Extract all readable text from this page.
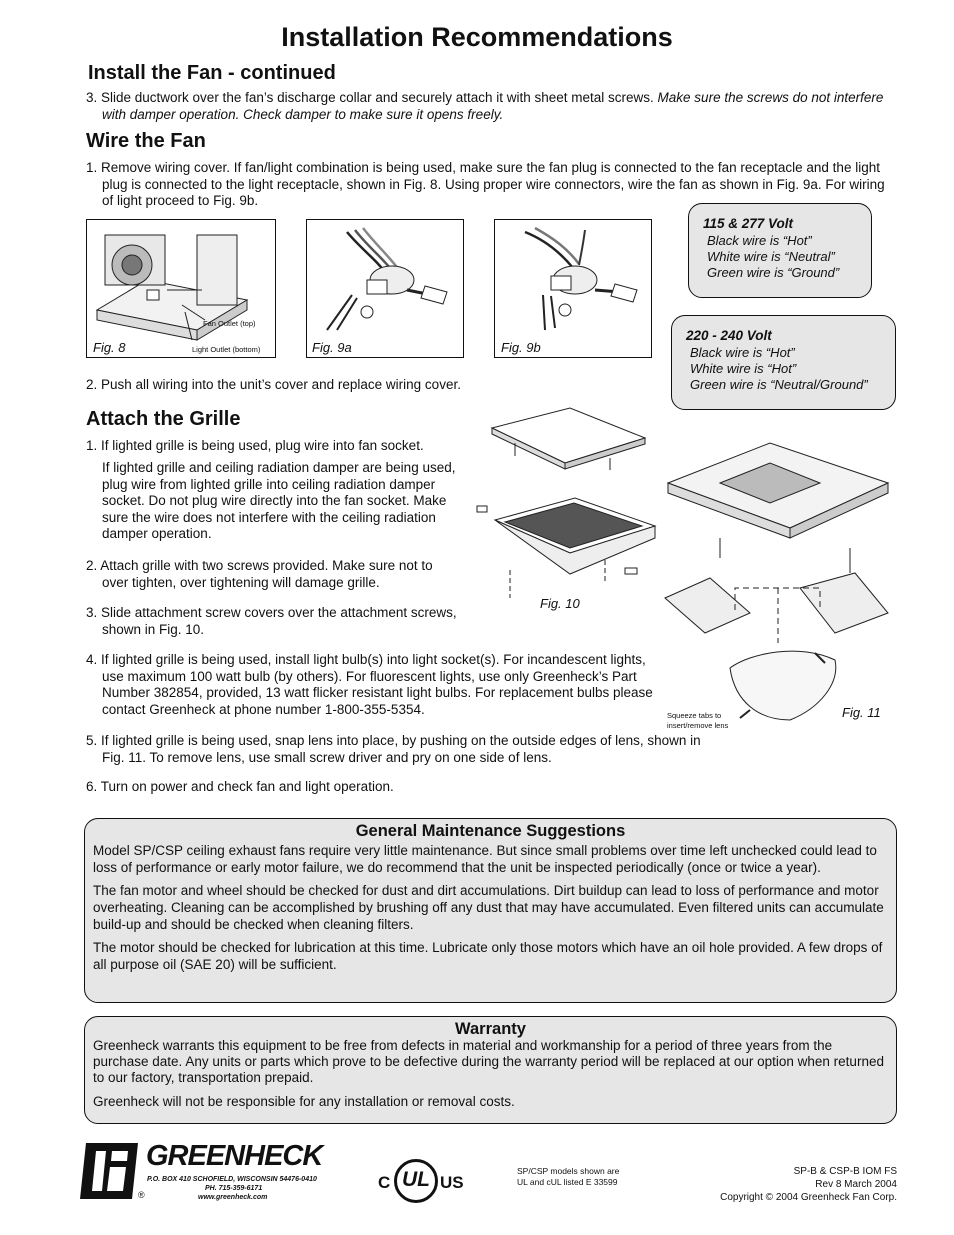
Installation Recommendations
Install the Fan - continued
3. Slide ductwork over the fan’s discharge collar and securely attach it with sheet metal screws. Make sure the screws do not interfere with damper operation. Check damper to make sure it opens freely.
Wire the Fan
1. Remove wiring cover. If fan/light combination is being used, make sure the fan plug is connected to the fan receptacle and the light plug is connected to the light receptacle, shown in Fig. 8. Using proper wire connectors, wire the fan as shown in Fig. 9a. For wiring of light proceed to Fig. 9b.
Fig. 8
Fan Outlet (top)
Light Outlet (bottom)	Fig. 9a	Fig. 9b
115 & 277 Volt
Black wire is “Hot”
White wire is “Neutral”
Green wire is “Ground”
220 - 240 Volt
Black wire is “Hot”
White wire is “Hot”
Green wire is “Neutral/Ground”
2. Push all wiring into the unit’s cover and replace wiring cover.
Attach the Grille
1. If lighted grille is being used, plug wire into fan socket.
If lighted grille and ceiling radiation damper are being used, plug wire from lighted grille into ceiling radiation damper socket. Do not plug wire directly into the fan socket. Make sure the wire does not interfere with the ceiling radiation damper operation.
2. Attach grille with two screws provided. Make sure not to over tighten, over tightening will damage grille.
3. Slide attachment screw covers over the attachment screws, shown in Fig. 10.
Fig. 10
Fig. 11
Squeeze tabs to insert/remove lens
4. If lighted grille is being used, install light bulb(s) into light socket(s). For incandescent lights, use maximum 100 watt bulb (by others). For fluorescent lights, use only Greenheck’s Part Number 382854, provided, 13 watt flicker resistant light bulbs. For replacement bulbs please contact Greenheck at phone number 1-800-355-5354.
5. If lighted grille is being used, snap lens into place, by pushing on the outside edges of lens, shown in Fig. 11. To remove lens, use small screw driver and pry on one side of lens.
6. Turn on power and check fan and light operation.
General Maintenance Suggestions

Model SP/CSP ceiling exhaust fans require very little maintenance. But since small problems over time left unchecked could lead to loss of performance or early motor failure, we do recommend that the unit be inspected periodically (once or twice a year).

The fan motor and wheel should be checked for dust and dirt accumulations. Dirt buildup can lead to loss of performance and motor overheating. Cleaning can be accomplished by brushing off any dust that may have accumulated. Even filtered units can accumulate build-up and should be checked when cleaning filters.

The motor should be checked for lubrication at this time. Lubricate only those motors which have an oil hole provided. A few drops of all purpose oil (SAE 20) will be sufficient.

Warranty

Greenheck warrants this equipment to be free from defects in material and workmanship for a period of three years from the purchase date. Any units or parts which prove to be defective during the warranty period will be replaced at our option when returned to our factory, transportation prepaid.

Greenheck will not be responsible for any installation or removal costs.

GREENHECK
®
P.O. BOX 410 SCHOFIELD, WISCONSIN 54476-0410
PH. 715-359-6171
www.greenheck.com
C UL US
SP/CSP models shown are
UL and cUL listed E 33599
SP-B & CSP-B IOM FS
Rev 8 March 2004
Copyright © 2004 Greenheck Fan Corp.
